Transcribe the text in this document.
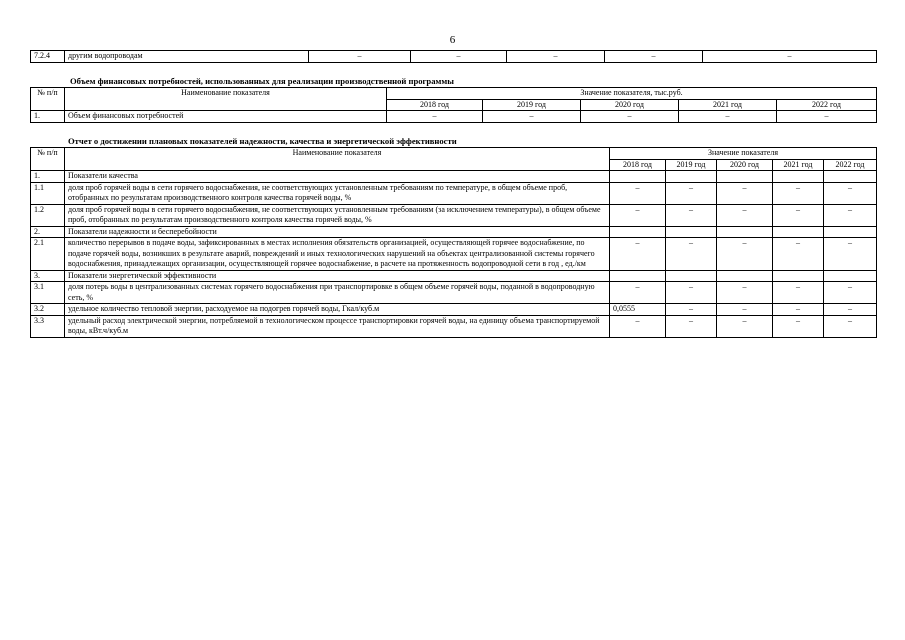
6
7.2.4	другим водопроводам	–	–	–	–	–
Объем финансовых потребностей, использованных для реализации производственной программы
№ п/п	Наименование показателя	Значение показателя, тыс.руб.				
		2018 год	2019 год	2020 год	2021 год	2022 год
1.	Объем финансовых потребностей	–	–	–	–	–
Отчет о достижении плановых показателей надежности, качества и энергетической эффективности
№ п/п	Наименование показателя	Значение показателя				
		2018 год	2019 год	2020 год	2021 год	2022 год
1.	Показатели качества					
1.1	доля проб горячей воды в сети горячего водоснабжения, не соответствующих установленным требованиям по температуре, в общем объеме проб, отобранных по результатам производственного контроля качества горячей воды, %	–	–	–	–	–
1.2	доля проб горячей воды в сети горячего водоснабжения, не соответствующих установленным требованиям (за исключением температуры), в общем объеме проб, отобранных по результатам производственного контроля качества горячей воды, %	–	–	–	–	–
2.	Показатели надежности и бесперебойности					
2.1	количество перерывов в подаче воды, зафиксированных в местах исполнения обязательств организацией, осуществляющей горячее водоснабжение, по подаче горячей воды, возникших в результате аварий, повреждений и иных технологических нарушений на объектах централизованной системы горячего водоснабжения, принадлежащих организации, осуществляющей горячее водоснабжение, в расчете на протяженность водопроводной сети в год , ед./км	–	–	–	–	–
3.	Показатели энергетической эффективности					
3.1	доля потерь воды в централизованных системах горячего водоснабжения при транспортировке в общем объеме горячей воды, поданной в водопроводную сеть, %	–	–	–	–	–
3.2	удельное количество тепловой энергии, расходуемое на подогрев горячей воды, Гкал/куб.м	0,0555	–	–	–	–
3.3	удельный расход электрической энергии, потребляемой в технологическом процессе транспортировки горячей воды, на единицу объема транспортируемой воды, кВт.ч/куб.м	–	–	–	–	–
